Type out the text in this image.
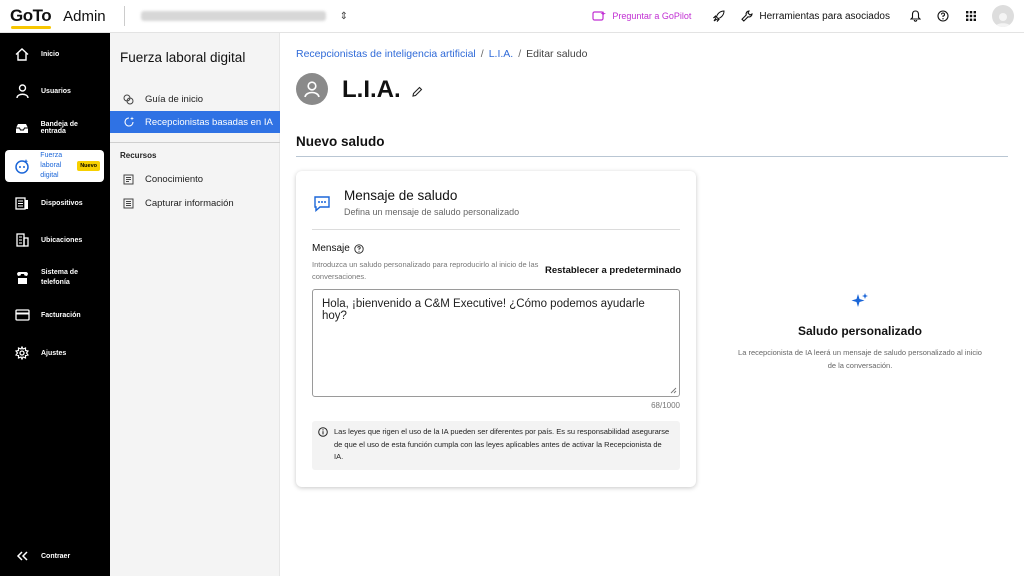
GoTo Admin	⇕	Preguntar a GoPilot	Herramientas para asociados
Inicio
Usuarios
Bandeja de entrada
Fuerza laboral digital
Nuevo
Dispositivos
Ubicaciones
Sistema de telefonía
Facturación
Ajustes
Contraer
Fuerza laboral digital
Guía de inicio
Recepcionistas basadas en IA
Recursos
Conocimiento
Capturar información
Recepcionistas de inteligencia artificial / L.I.A. / Editar saludo
L.I.A.
Nuevo saludo
Mensaje de saludo
Defina un mensaje de saludo personalizado
Mensaje
Introduzca un saludo personalizado para reproducirlo al inicio de las conversaciones.
Restablecer a predeterminado
Hola, ¡bienvenido a C&M Executive! ¿Cómo podemos ayudarle hoy?
68/1000
Las leyes que rigen el uso de la IA pueden ser diferentes por país. Es su responsabilidad asegurarse de que el uso de esta función cumpla con las leyes aplicables antes de activar la Recepcionista de IA.
Saludo personalizado
La recepcionista de IA leerá un mensaje de saludo personalizado al inicio de la conversación.
